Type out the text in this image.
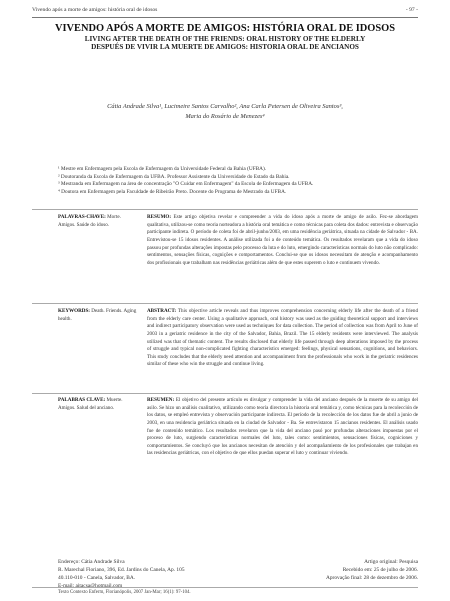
Vivendo após a morte de amigos: história oral de idosos	- 97 -
VIVENDO APÓS A MORTE DE AMIGOS: HISTÓRIA ORAL DE IDOSOS
LIVING AFTER THE DEATH OF THE FRIENDS: ORAL HISTORY OF THE ELDERLY
DESPUÉS DE VIVIR LA MUERTE DE AMIGOS: HISTORIA ORAL DE ANCIANOS
Cátia Andrade Silva¹, Lucimeire Santos Carvalho², Ana Carla Petersen de Oliveira Santos³,
Maria do Rosário de Menezes⁴
¹ Mestre em Enfermagem pela Escola de Enfermagem da Universidade Federal da Bahia (UFBA).
² Doutoranda da Escola de Enfermagem da UFBA. Professor Assistente da Universidade do Estado da Bahia.
³ Mestranda em Enfermagem na área de concentração "O Cuidar em Enfermagem" da Escola de Enfermagem da UFBA.
⁴ Doutora em Enfermagem pela Faculdade de Ribeirão Preto. Docente do Programa de Mestrado da UFBA.
PALAVRAS-CHAVE: Morte. Amigos. Saúde do idoso.
RESUMO: Este artigo objetiva revelar e compreender a vida do idoso após a morte de amigo de asilo. Fez-se abordagem qualitativa, utilizou-se como teoria norteadora a história oral temática e como técnicas para coleta dos dados: entrevista e observação participante indireta. O período de coleta foi de abril-junho/2003, em uma residência geriátrica, situada na cidade de Salvador - BA. Entrevistou-se 15 idosos residentes. A análise utilizada foi a de conteúdo temática. Os resultados revelaram que a vida do idoso passou por profundas alterações impostas pelo processo da luta e do luto, emergindo características normais do luto não complicado: sentimentos, sensações físicas, cognições e comportamentos. Conclui-se que os idosos necessitam de atenção e acompanhamento dos profissionais que trabalham nas residências geriátricas além de que estes superem o luto e continuem vivendo.
KEYWORDS: Death. Friends. Aging health.
ABSTRACT: This objective article reveals and thus improves comprehension concerning elderly life after the death of a friend from the elderly care center. Using a qualitative approach, oral history was used as the guiding theoretical support and interviews and indirect participatory observation were used as techniques for data collection. The period of collection was from April to June of 2003 in a geriatric residence in the city of the Salvador, Bahia, Brazil. The 15 elderly residents were interviewed. The analysis utilized was that of thematic content. The results disclosed that elderly life passed through deep alterations imposed by the process of struggle and typical non-complicated fighting characteristics emerged: feelings, physical sensations, cognitions, and behaviors. This study concludes that the elderly need attention and accompaniment from the professionals who work in the geriatric residences similar of these who win the struggle and continue living.
PALABRAS CLAVE: Muerte. Amigos. Salud del anciano.
RESUMEN: El objetivo del presente artículo es divulgar y comprender la vida del anciano después de la muerte de su amigo del asilo. Se hizo un análisis cualitativo, utilizando como teoría directora la historia oral temática y, como técnicas para la recolección de los datos, se empleó entrevista y observación participante indirecta. El período de la recolección de los datos fue de abril a junio de 2003, en una residencia geriátrica situada en la ciudad de Salvador - Ba. Se entrevistaron 15 ancianos residentes. El análisis usado fue de contenido temático. Los resultados revelaron que la vida del anciano pasó por profundas alteraciones impuestas por el proceso de luto, surgiendo características normales del luto, tales como: sentimientos, sensaciones físicas, cogniciones y comportamientos. Se concluyó que los ancianos necesitan de atención y del acompañamiento de los profesionales que trabajan en las residencias geriátricas, con el objetivo de que ellos puedan superar el luto y continuar viviendo.
Endereço: Cátia Andrade Silva
R. Marechal Floriano, 396, Ed. Jardins do Canela, Ap. 105
40.110-010 - Canela, Salvador, BA.
E-mail: aitacsa@hotmail.com
Artigo original: Pesquisa
Recebido em: 25 de julho de 2006.
Aprovação final: 28 de dezembro de 2006.
Texto Contexto Enferm, Florianópolis, 2007 Jan-Mar; 16(1): 97-104.
